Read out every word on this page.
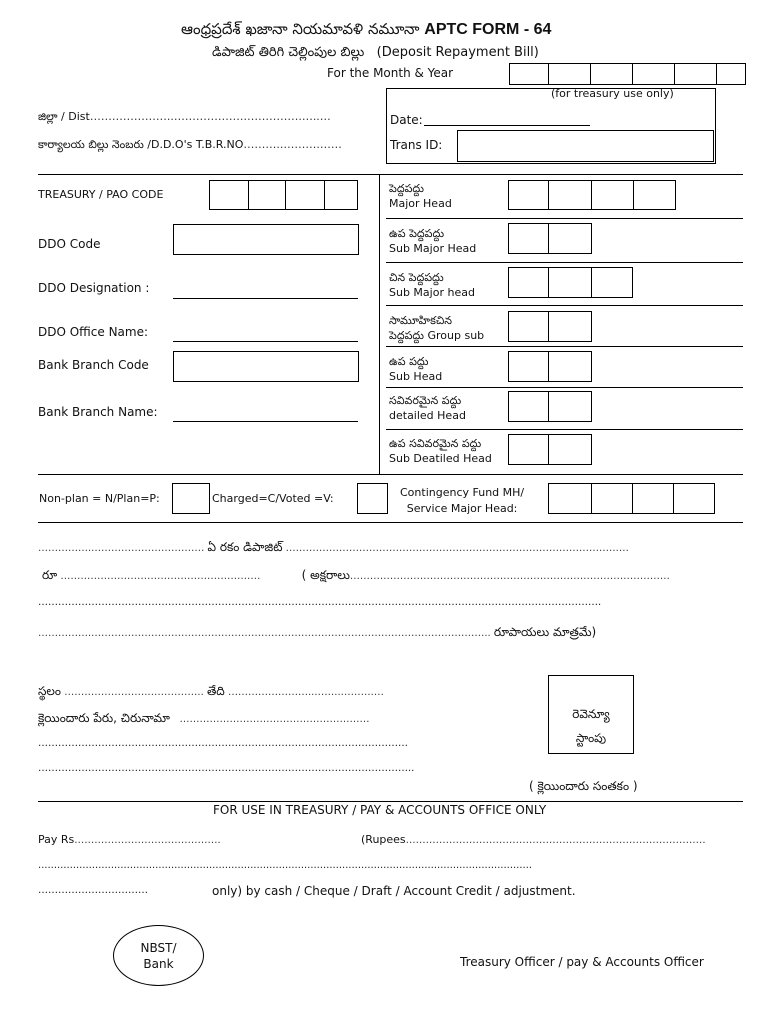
ఆంధ్రప్రదేశ్ ఖజానా నియమావళి నమూనా APTC FORM - 64
డిపాజిట్ తిరిగి చెల్లింపుల బిల్లు (Deposit Repayment Bill)
For the Month & Year
(for treasury use only)
Date:
Trans ID:
జిల్లా / Dist…………………..……………….…………….…..…
కార్యాలయ బిల్లు నెంబరు /D.D.O's T.B.R.NO………..……….……
TREASURY / PAO CODE
DDO Code
DDO Designation :
DDO Office Name:
Bank Branch Code
Bank Branch Name:
పెద్దపద్దు
Major Head
ఉప పెద్దపద్దు
Sub Major Head
చిన పెద్దపద్దు
Sub Major head
సామూహికచిన
పెద్దపద్దు Group sub
ఉప పద్దు
Sub Head
సవివరమైన పద్దు
detailed Head
ఉప సవివరమైన పద్దు
Sub Deatiled Head
Non-plan = N/Plan=P:	Charged=C/Voted =V:	Contingency Fund MH/
Service Major Head:
……………..…………………………… ఏ రకం డిపాజిట్ ……………………………………………………………………………………….…
రూ ……………………………………………………	( అక్షరాలు……………………………………………………………………………………
…………………………………………………………………………………………………………………………………………………….
……………..……………………………………………………………………………………………………….. రూపాయలు మాత్రమే)
స్థలం …………………….…………….. తేది ……………………..……..……….…
క్లెయిందారు పేరు, చిరునామా …………………………………………………
…………………………………………………………………………………………………
…………………………………………………………………………………………………..
రెవెన్యూ
స్టాంపు
( క్లెయిందారు సంతకం )
FOR USE IN TREASURY / PAY & ACCOUNTS OFFICE ONLY
Pay Rs……………………………….…….	(Rupees………………………………………………………………………………
…………………………………………………………………………………………………………………………………………
……………………………	only) by cash / Cheque / Draft / Account Credit / adjustment.
NBST/
Bank	Treasury Officer / pay & Accounts Officer
